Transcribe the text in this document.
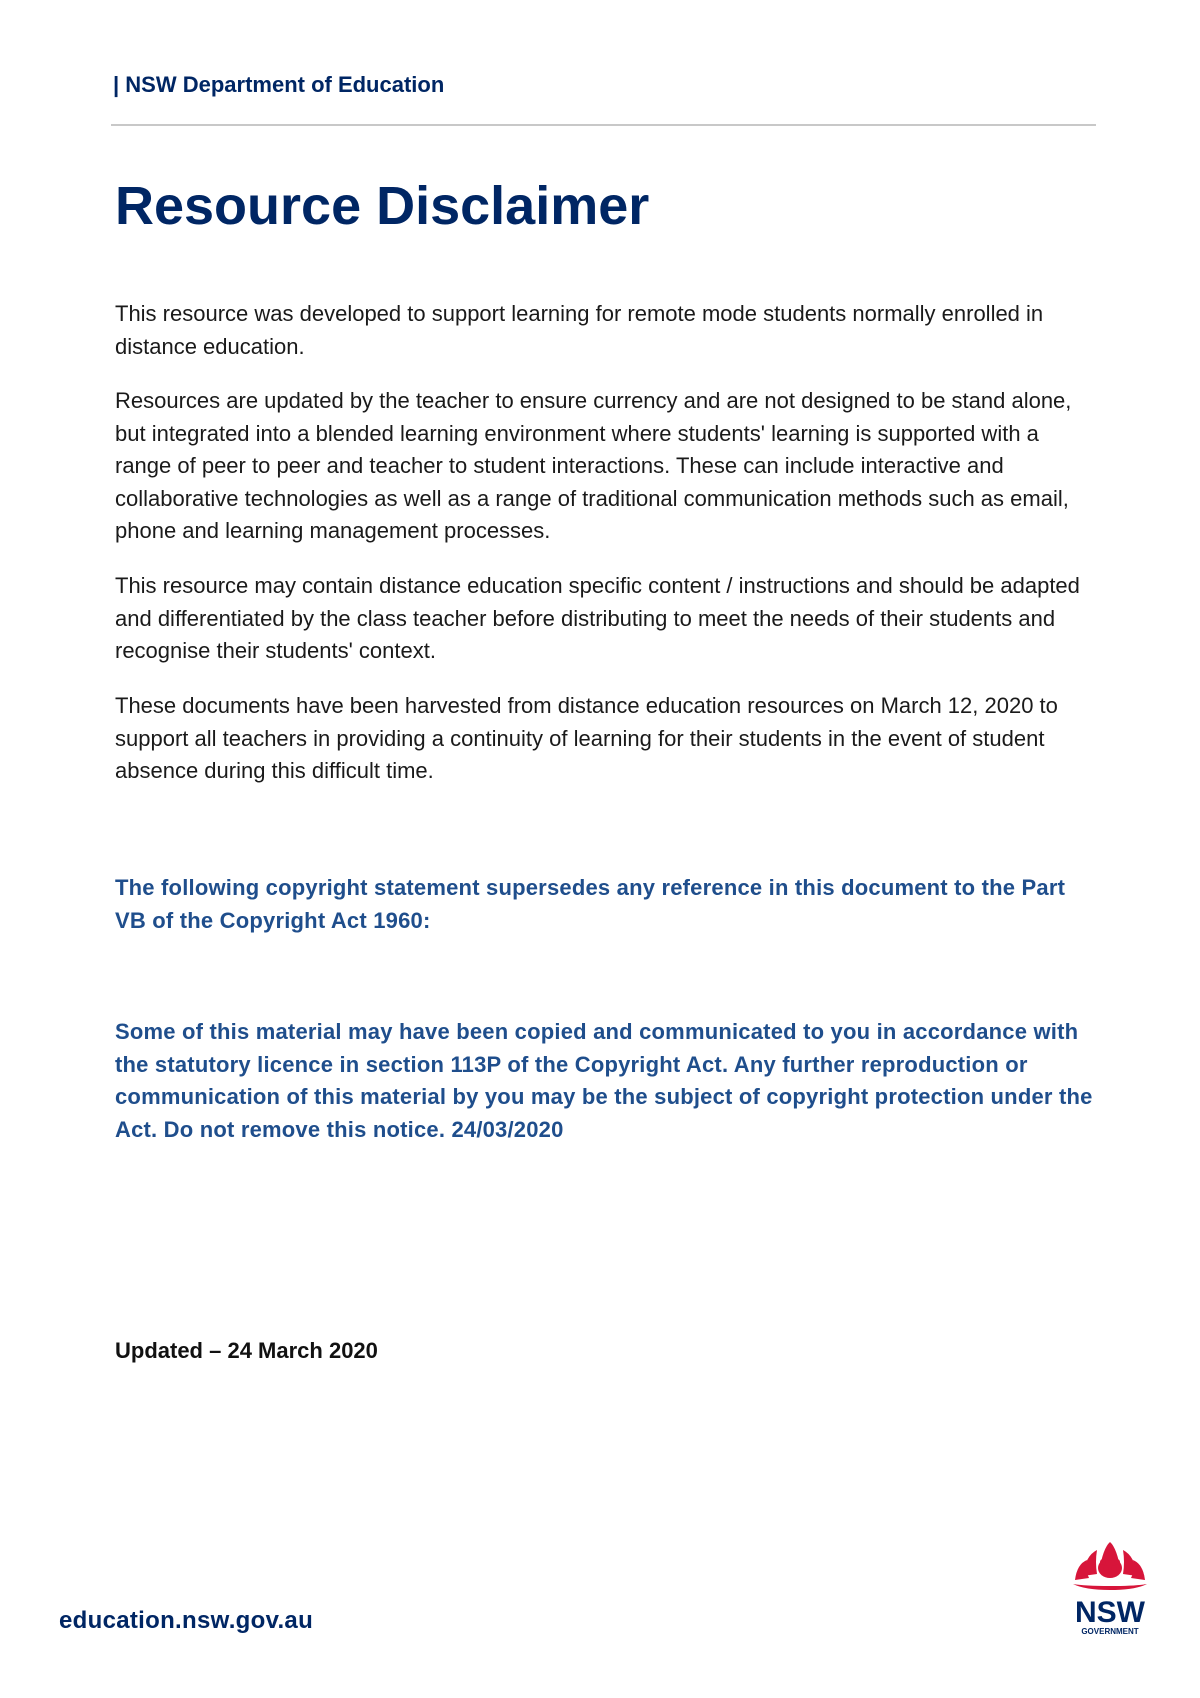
| NSW Department of Education
Resource Disclaimer

This resource was developed to support learning for remote mode students normally enrolled in distance education.

Resources are updated by the teacher to ensure currency and are not designed to be stand alone, but integrated into a blended learning environment where students' learning is supported with a range of peer to peer and teacher to student interactions. These can include interactive and collaborative technologies as well as a range of traditional communication methods such as email, phone and learning management processes.

This resource may contain distance education specific content / instructions and should be adapted and differentiated by the class teacher before distributing to meet the needs of their students and recognise their students' context.

These documents have been harvested from distance education resources on March 12, 2020 to support all teachers in providing a continuity of learning for their students in the event of student absence during this difficult time.

The following copyright statement supersedes any reference in this document to the Part VB of the Copyright Act 1960:

Some of this material may have been copied and communicated to you in accordance with the statutory licence in section 113P of the Copyright Act. Any further reproduction or communication of this material by you may be the subject of copyright protection under the Act. Do not remove this notice. 24/03/2020

Updated – 24 March 2020

education.nsw.gov.au	NSW
GOVERNMENT
